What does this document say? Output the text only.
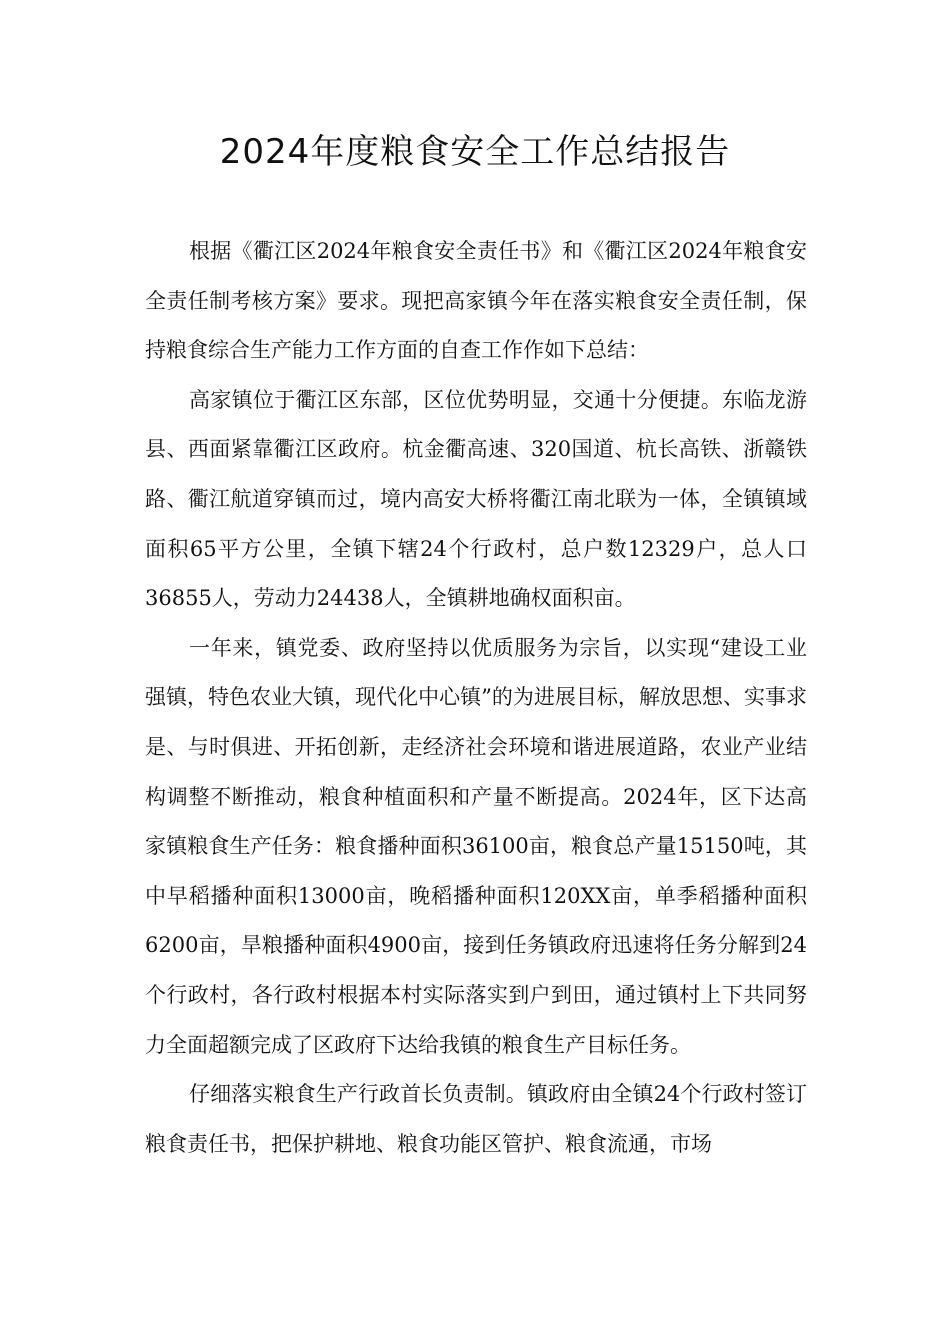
2024年度粮食安全工作总结报告

根据《衢江区2024年粮食安全责任书》和《衢江区2024年粮食安全责任制考核方案》要求。现把高家镇今年在落实粮食安全责任制，保持粮食综合生产能力工作方面的自查工作作如下总结：

高家镇位于衢江区东部，区位优势明显，交通十分便捷。东临龙游县、西面紧靠衢江区政府。杭金衢高速、320国道、杭长高铁、浙赣铁路、衢江航道穿镇而过，境内高安大桥将衢江南北联为一体，全镇镇域面积65平方公里，全镇下辖24个行政村，总户数12329户，总人口36855人，劳动力24438人，全镇耕地确权面积亩。

一年来，镇党委、政府坚持以优质服务为宗旨，以实现“建设工业强镇，特色农业大镇，现代化中心镇”的为进展目标，解放思想、实事求是、与时俱进、开拓创新，走经济社会环境和谐进展道路，农业产业结构调整不断推动，粮食种植面积和产量不断提高。2024年，区下达高家镇粮食生产任务：粮食播种面积36100亩，粮食总产量15150吨，其中早稻播种面积13000亩，晚稻播种面积120XX亩，单季稻播种面积6200亩，旱粮播种面积4900亩，接到任务镇政府迅速将任务分解到24个行政村，各行政村根据本村实际落实到户到田，通过镇村上下共同努力全面超额完成了区政府下达给我镇的粮食生产目标任务。

仔细落实粮食生产行政首长负责制。镇政府由全镇24个行政村签订粮食责任书，把保护耕地、粮食功能区管护、粮食流通，市场
